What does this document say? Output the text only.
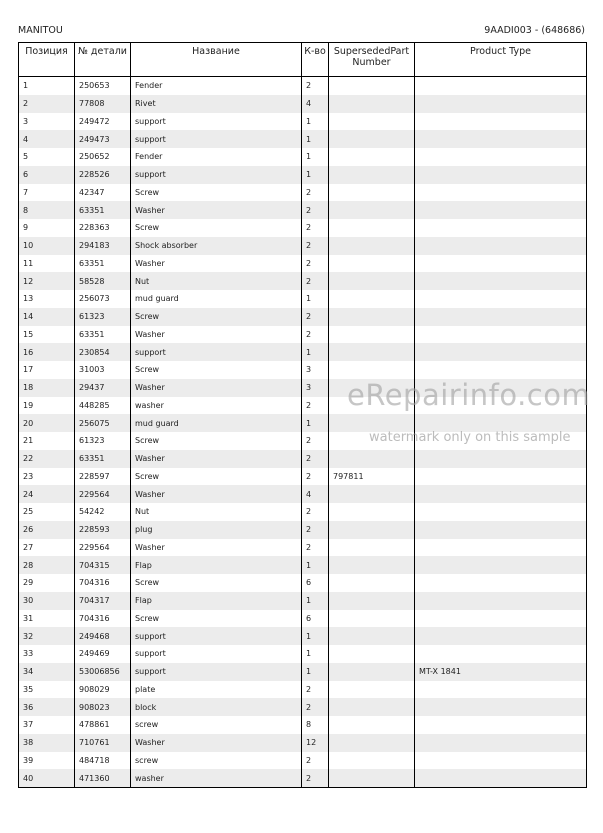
MANITOU	9AADI003 - (648686)
Позиция	№ детали	Название	К-во	SupersededPartNumber	Product Type
1	250653	Fender	2		
2	77808	Rivet	4		
3	249472	support	1		
4	249473	support	1		
5	250652	Fender	1		
6	228526	support	1		
7	42347	Screw	2		
8	63351	Washer	2		
9	228363	Screw	2		
10	294183	Shock absorber	2		
11	63351	Washer	2		
12	58528	Nut	2		
13	256073	mud guard	1		
14	61323	Screw	2		
15	63351	Washer	2		
16	230854	support	1		
17	31003	Screw	3		
18	29437	Washer	3		
19	448285	washer	2		
20	256075	mud guard	1		
21	61323	Screw	2		
22	63351	Washer	2		
23	228597	Screw	2	797811	
24	229564	Washer	4		
25	54242	Nut	2		
26	228593	plug	2		
27	229564	Washer	2		
28	704315	Flap	1		
29	704316	Screw	6		
30	704317	Flap	1		
31	704316	Screw	6		
32	249468	support	1		
33	249469	support	1		
34	53006856	support	1		MT-X 1841
35	908029	plate	2		
36	908023	block	2		
37	478861	screw	8		
38	710761	Washer	12		
39	484718	screw	2		
40	471360	washer	2		
eRepairinfo.com
watermark only on this sample
